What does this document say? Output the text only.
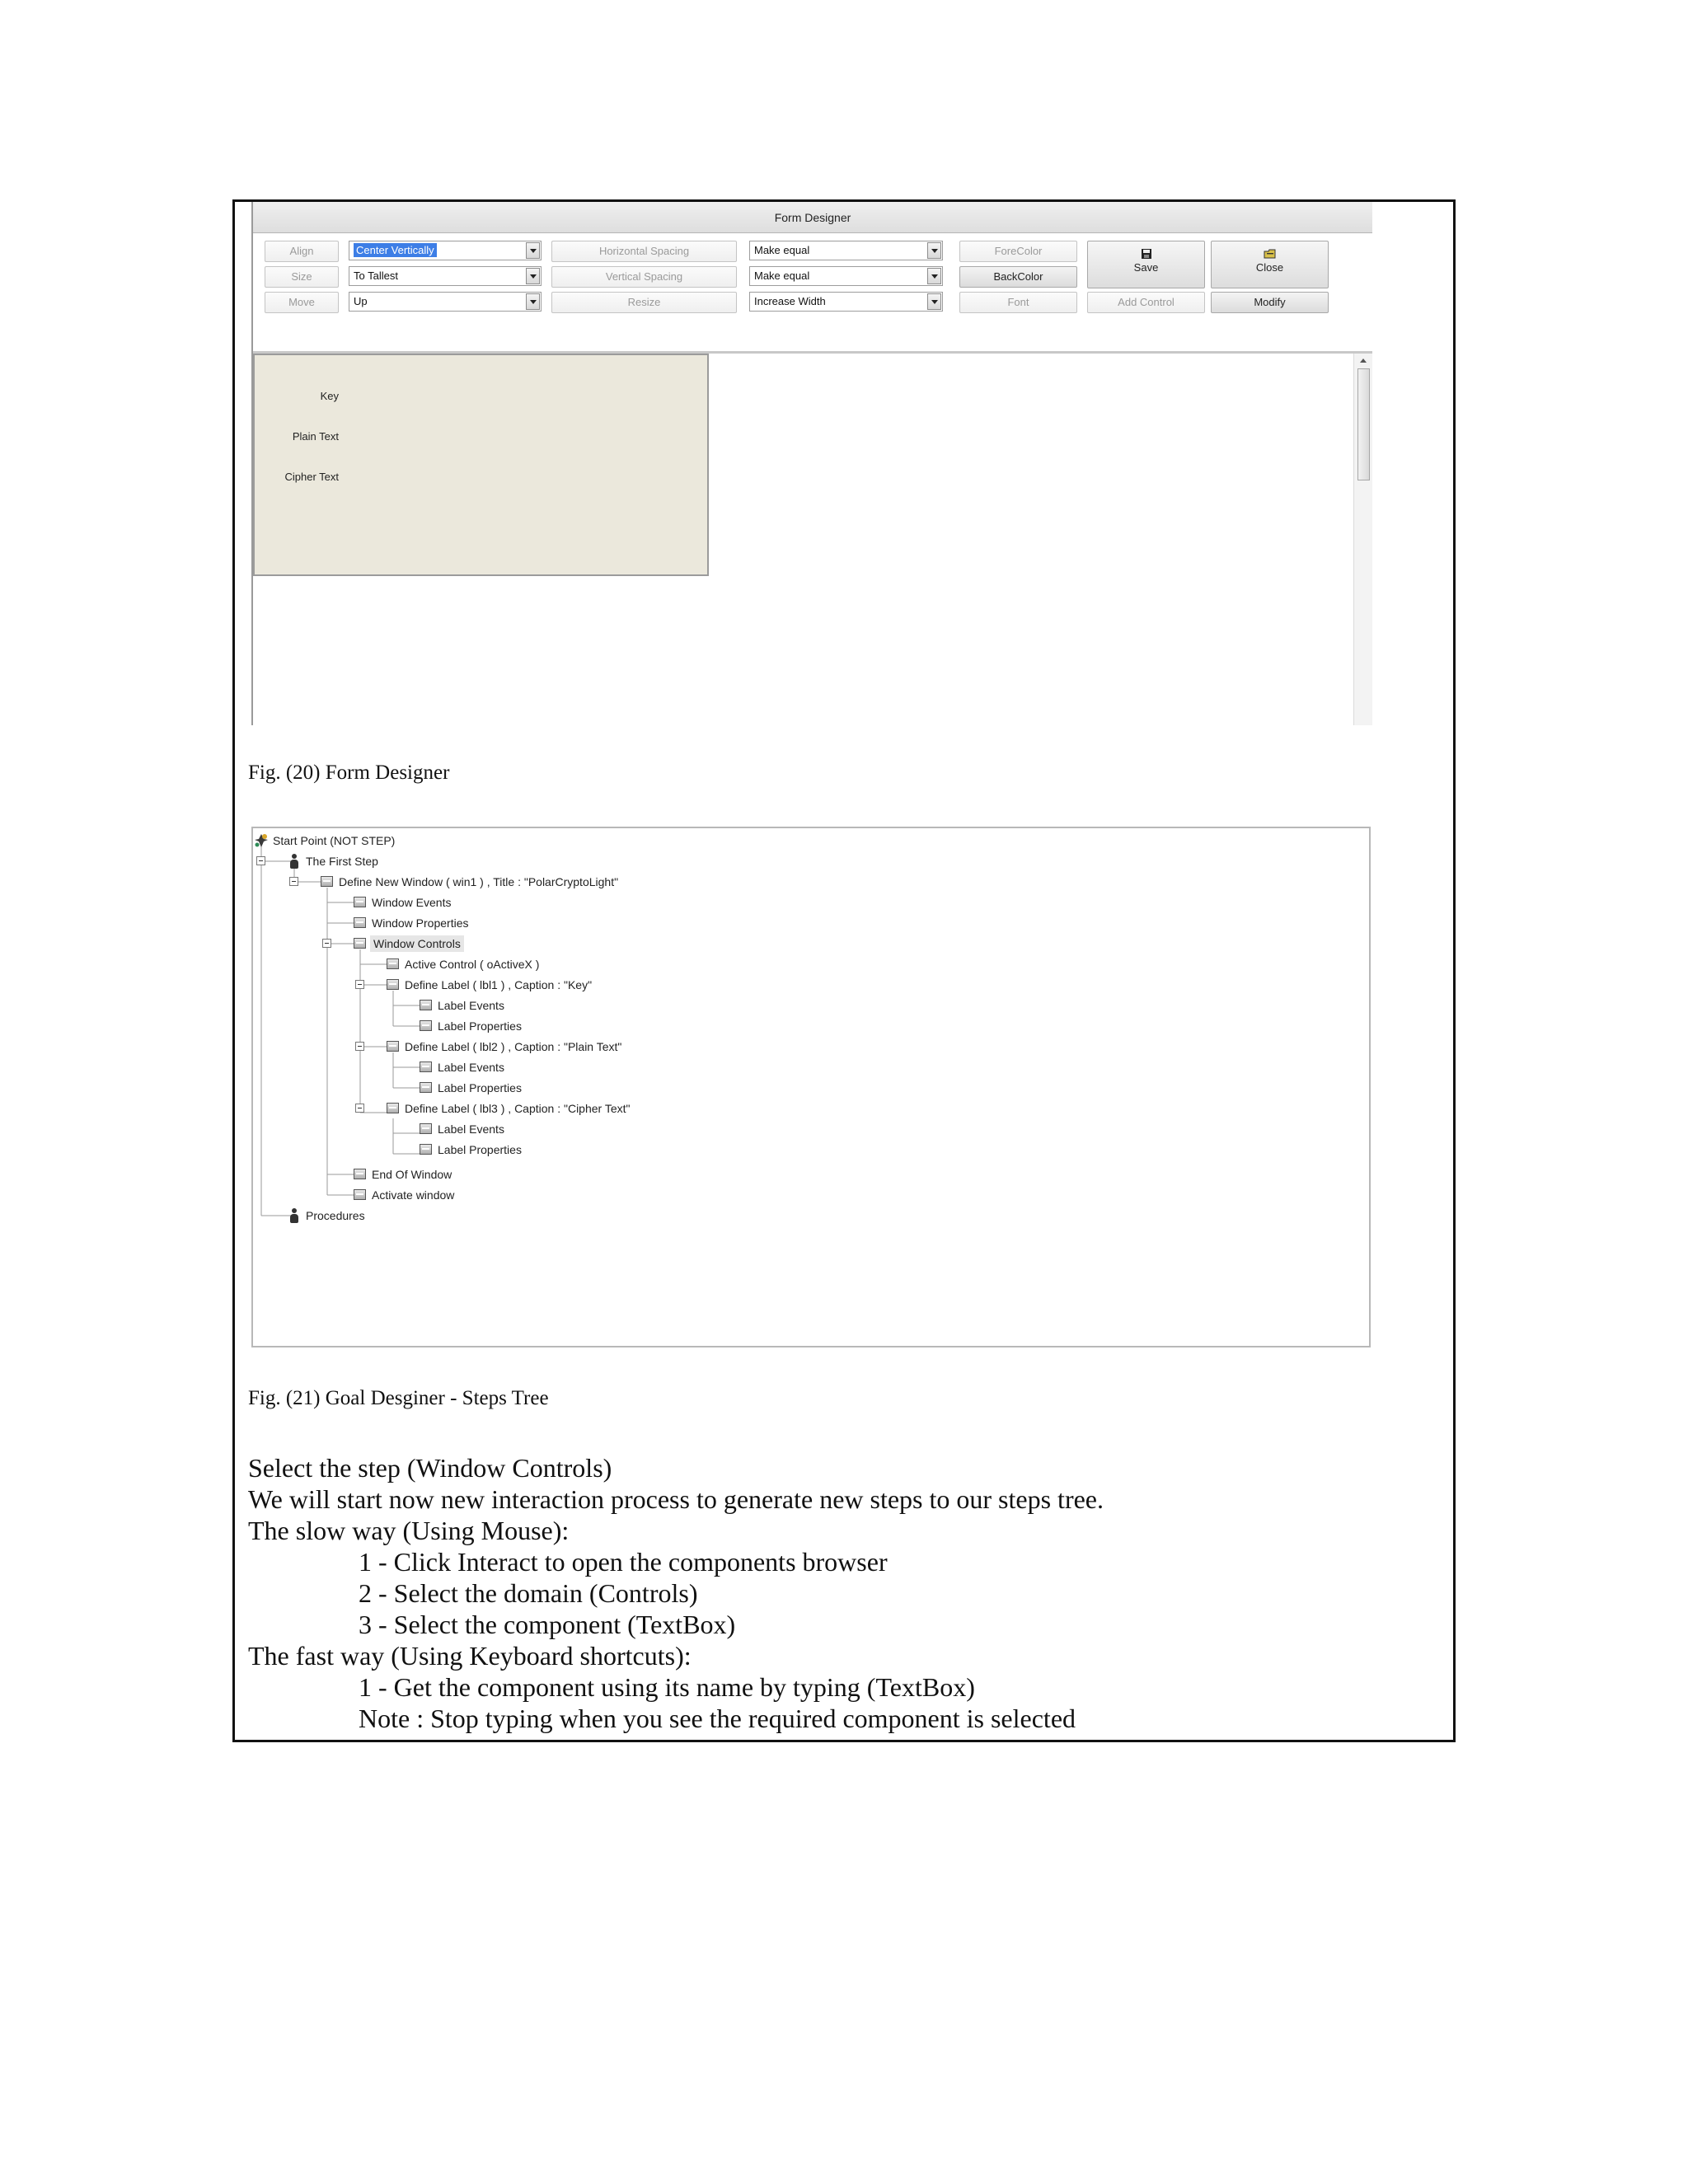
Form Designer
Align
Size
Move
Center Vertically
To Tallest
Up
Horizontal Spacing
Vertical Spacing
Resize
Make equal
Make equal
Increase Width
ForeColor
BackColor
Font
Save	Close
Add Control	Modify
Key
Plain Text
Cipher Text
Fig. (20) Form Designer
Start Point (NOT STEP)
The First Step
Define New Window ( win1 ) , Title : "PolarCryptoLight"
Window Events
Window Properties
Window Controls
Active Control ( oActiveX )
Define Label ( lbl1 ) , Caption : "Key"
Label Events
Label Properties
Define Label ( lbl2 ) , Caption : "Plain Text"
Label Events
Label Properties
Define Label ( lbl3 ) , Caption : "Cipher Text"
Label Events
Label Properties
End Of Window
Activate window
Procedures
Fig. (21) Goal Desginer - Steps Tree
Select the step (Window Controls)
We will start now new interaction process to generate new steps to our steps tree.
The slow way (Using Mouse):
1 - Click Interact to open the components browser
2 - Select the domain (Controls)
3 - Select the component (TextBox)
The fast way (Using Keyboard shortcuts):
1 - Get the component using its name by typing (TextBox)
Note : Stop typing when you see the required component is selected
